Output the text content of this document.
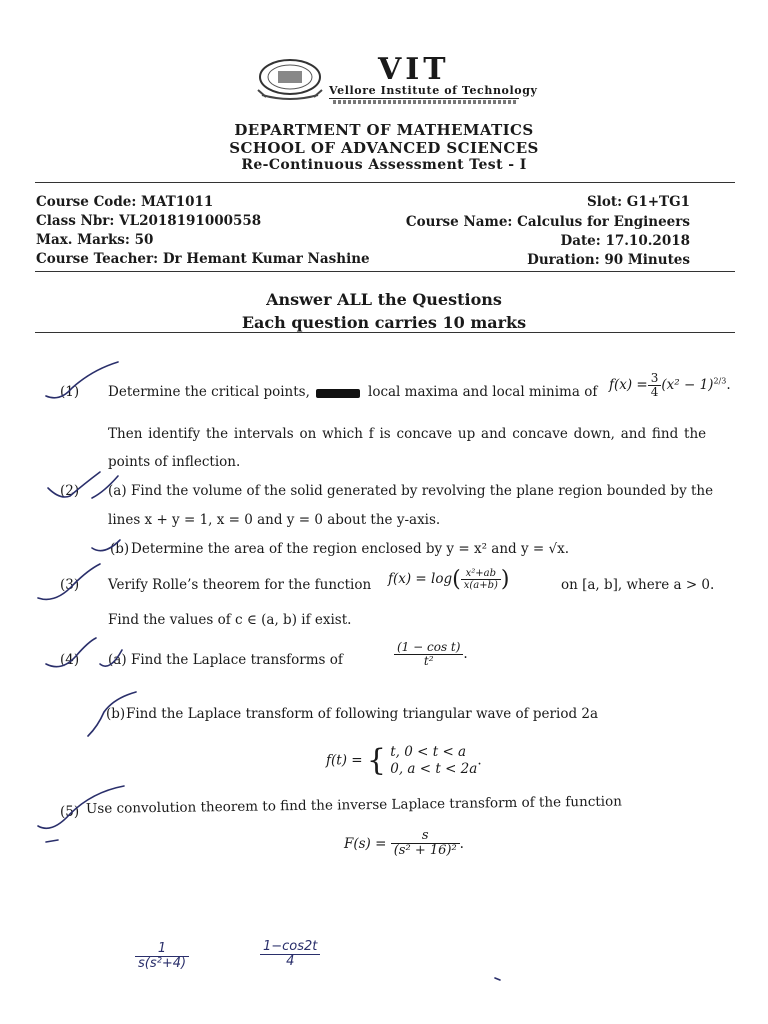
VIT
Vellore Institute of Technology
DEPARTMENT OF MATHEMATICS
SCHOOL OF ADVANCED SCIENCES
Re-Continuous Assessment Test - I
Course Code: MAT1011
Class Nbr: VL2018191000558
Max. Marks: 50
Course Teacher: Dr Hemant Kumar Nashine
Slot: G1+TG1
Course Name: Calculus for Engineers
Date: 17.10.2018
Duration: 90 Minutes
Answer ALL the Questions
Each question carries 10 marks
(1) Determine the critical points,	local maxima and local minima of $f(x) = \frac{3}{4} (x^2 - 1)^{2/3}$.
Then identify the intervals on which f is concave up and concave down, and find the
points of inflection.
(2) (a) Find the volume of the solid generated by revolving the plane region bounded by the
lines x + y = 1, x = 0 and y = 0 about the y-axis.
(b) Determine the area of the region enclosed by y = x² and y = √x.
(3) Verify Rolle’s theorem for the function $f(x) = \log( \frac{\text{x²+ab}}{x(a+b)}$ )	on [a, b], where a > 0.
Find the values of c ∈ (a, b) if exist.
(4) (a) Find the Laplace transforms of	$\frac{\text{(1 − cos t)}}{\text{t²}}$ .
(b) Find the Laplace transform of following triangular wave of period 2a
f(t) = { t, 0 < t < a
0, a < t < 2a .
(5) Use convolution theorem to find the inverse Laplace transform of the function
$F(s) = \frac{s}{\text{(s² + 16)²}}$ .
$\frac{1}{\text{s(s²+4)}}$	$\frac{1-\cos 2t}{4}$
